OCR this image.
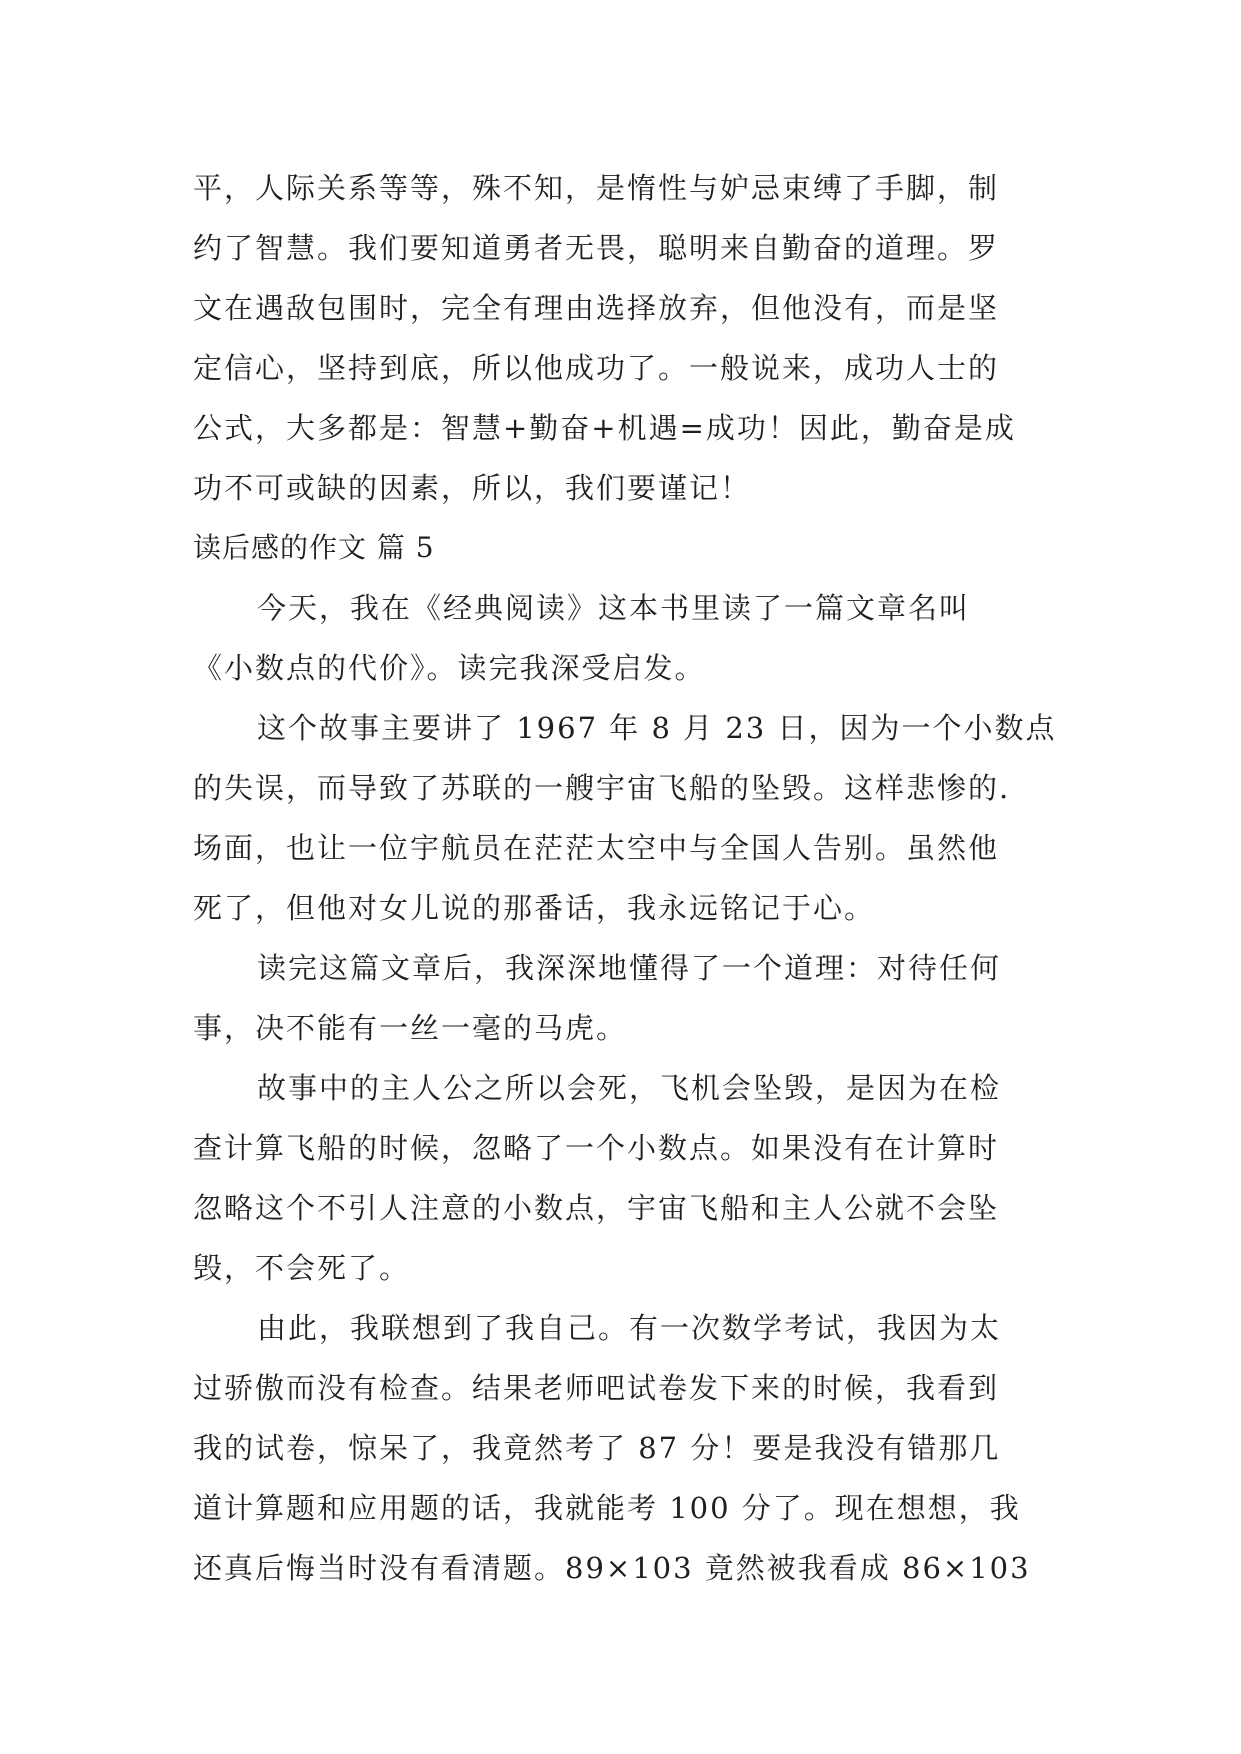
平，人际关系等等，殊不知，是惰性与妒忌束缚了手脚，制
约了智慧。我们要知道勇者无畏，聪明来自勤奋的道理。罗
文在遇敌包围时，完全有理由选择放弃，但他没有，而是坚
定信心，坚持到底，所以他成功了。一般说来，成功人士的
公式，大多都是：智慧+勤奋+机遇=成功！因此，勤奋是成
功不可或缺的因素，所以，我们要谨记！
读后感的作文 篇 5
今天，我在《经典阅读》这本书里读了一篇文章名叫
《小数点的代价》。读完我深受启发。
这个故事主要讲了 1967 年 8 月 23 日，因为一个小数点
的失误，而导致了苏联的一艘宇宙飞船的坠毁。这样悲惨的.
场面，也让一位宇航员在茫茫太空中与全国人告别。虽然他
死了，但他对女儿说的那番话，我永远铭记于心。
读完这篇文章后，我深深地懂得了一个道理：对待任何
事，决不能有一丝一毫的马虎。
故事中的主人公之所以会死，飞机会坠毁，是因为在检
查计算飞船的时候，忽略了一个小数点。如果没有在计算时
忽略这个不引人注意的小数点，宇宙飞船和主人公就不会坠
毁，不会死了。
由此，我联想到了我自己。有一次数学考试，我因为太
过骄傲而没有检查。结果老师吧试卷发下来的时候，我看到
我的试卷，惊呆了，我竟然考了 87 分！要是我没有错那几
道计算题和应用题的话，我就能考 100 分了。现在想想，我
还真后悔当时没有看清题。89×103 竟然被我看成 86×103
